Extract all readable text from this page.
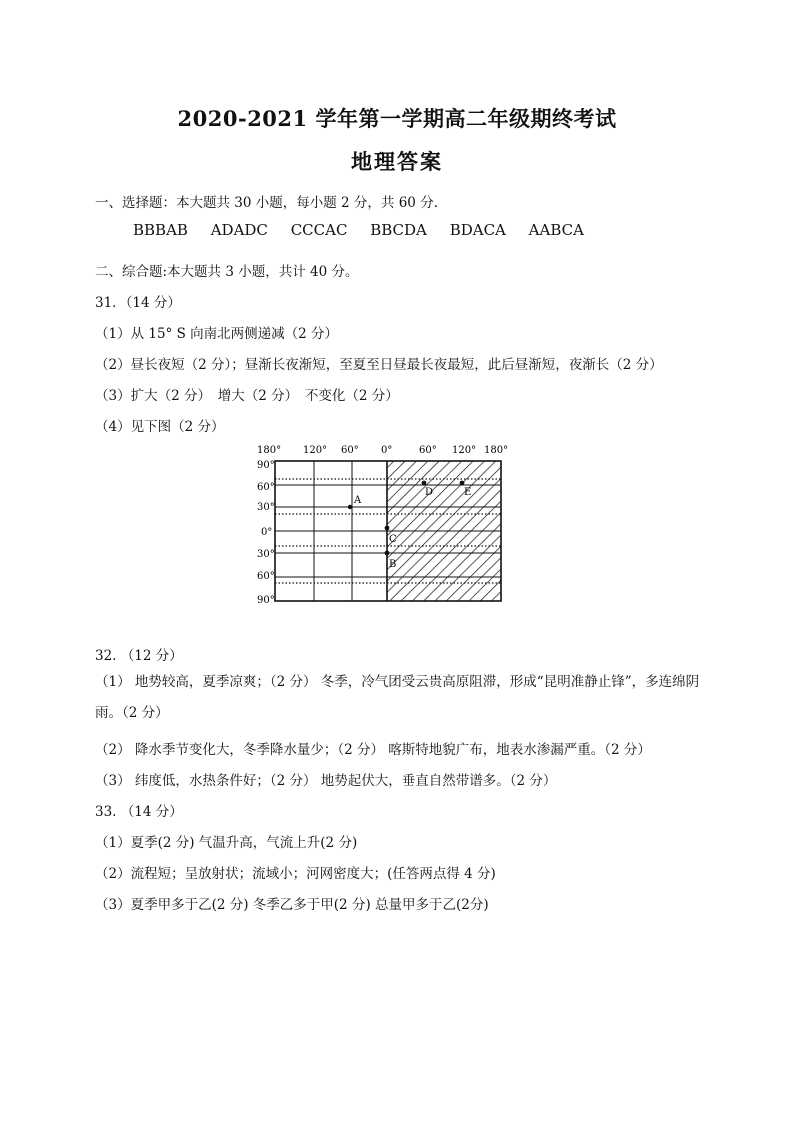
2020-2021 学年第一学期高二年级期终考试
地理答案
一、选择题：本大题共 30 小题，每小题 2 分，共 60 分.
BBBAB ADADC CCCAC BBCDA BDACA AABCA
二、综合题:本大题共 3 小题，共计 40 分。
31．（14 分）
（1）从 15° S 向南北两侧递减（2 分）
（2）昼长夜短（2 分）；昼渐长夜渐短，至夏至日昼最长夜最短，此后昼渐短，夜渐长（2 分）
（3）扩大（2 分）　增大（2 分）　不变化（2 分）
（4）见下图（2 分）
180° 120° 60° 0°	60° 120° 180°
90°
60°
30°
0°
30°
60°
90°
A
B
C
D	E
32. （12 分）
（1） 地势较高，夏季凉爽；（2 分） 冬季，冷气团受云贵高原阻滞，形成“昆明准静止锋”，多连绵阴雨。（2 分）
（2） 降水季节变化大，冬季降水量少；（2 分） 喀斯特地貌广布，地表水渗漏严重。（2 分）
（3） 纬度低，水热条件好；（2 分） 地势起伏大，垂直自然带谱多。（2 分）
33. （14 分）
（1）夏季(2 分) 气温升高，气流上升(2 分)
（2）流程短；呈放射状；流域小；河网密度大；(任答两点得 4 分)
（3）夏季甲多于乙(2 分) 冬季乙多于甲(2 分) 总量甲多于乙(2分)
